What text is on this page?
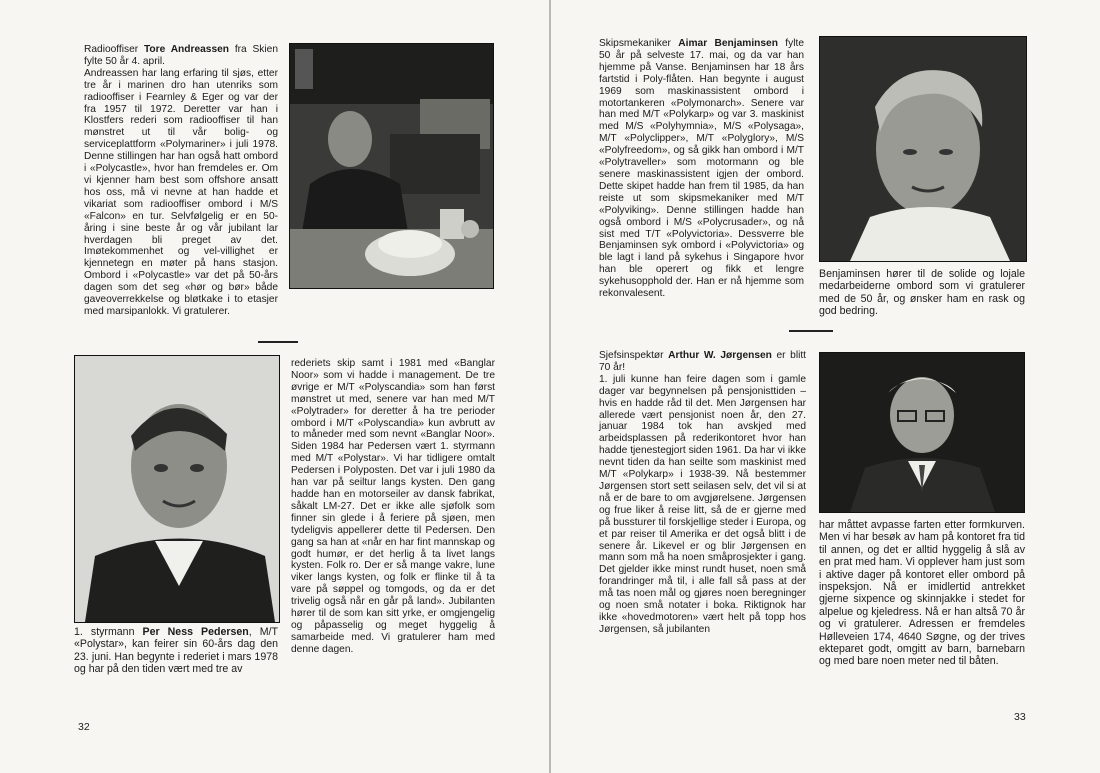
Radiooffiser Tore Andreassen fra Skien fylte 50 år 4. april.

Andreassen har lang erfaring til sjøs, etter tre år i marinen dro han utenriks som radiooffiser i Fearnley & Eger og var der fra 1957 til 1972. Deretter var han i Klostfers rederi som radiooffiser til han mønstret ut til vår bolig- og serviceplattform «Polymariner» i juli 1978. Denne stillingen har han også hatt ombord i «Polycastle», hvor han fremdeles er. Om vi kjenner ham best som offshore ansatt hos oss, må vi nevne at han hadde et vikariat som radiooffiser ombord i M/S «Falcon» en tur. Selvfølgelig er en 50-åring i sine beste år og vår jubilant lar hverdagen bli preget av det. Imøtekommenhet og vel-villighet er kjennetegn en møter på hans stasjon. Ombord i «Polycastle» var det på 50-års dagen som det seg «hør og bør» både gaveoverrekkelse og bløtkake i to etasjer med marsipanlokk. Vi gratulerer.

1. styrmann Per Ness Pedersen, M/T «Polystar», kan feirer sin 60-års dag den 23. juni. Han begynte i rederiet i mars 1978 og har på den tiden vært med tre av

rederiets skip samt i 1981 med «Banglar Noor» som vi hadde i management. De tre øvrige er M/T «Polyscandia» som han først mønstret ut med, senere var han med M/T «Polytrader» for deretter å ha tre perioder ombord i M/T «Polyscandia» kun avbrutt av to måneder med som nevnt «Banglar Noor». Siden 1984 har Pedersen vært 1. styrmann med M/T «Polystar». Vi har tidligere omtalt Pedersen i Polyposten. Det var i juli 1980 da han var på seiltur langs kysten. Den gang hadde han en motorseiler av dansk fabrikat, såkalt LM-27. Det er ikke alle sjøfolk som finner sin glede i å feriere på sjøen, men tydeligvis appellerer dette til Pedersen. Den gang sa han at «når en har fint mannskap og godt humør, er det herlig å ta livet langs kysten. Folk ro. Der er så mange vakre, lune viker langs kysten, og folk er flinke til å ta vare på søppel og tomgods, og da er det trivelig også når en går på land». Jubilanten hører til de som kan sitt yrke, er omgjengelig og påpasselig og meget hyggelig å samarbeide med. Vi gratulerer ham med denne dagen.

32

Skipsmekaniker Aimar Benjaminsen fylte 50 år på selveste 17. mai, og da var han hjemme på Vanse. Benjaminsen har 18 års fartstid i Poly-flåten. Han begynte i august 1969 som maskinassistent ombord i motortankeren «Polymonarch». Senere var han med M/T «Polykarp» og var 3. maskinist med M/S «Polyhymnia», M/S «Polysaga», M/T «Polyclipper», M/T «Polyglory», M/S «Polyfreedom», og så gikk han ombord i M/T «Polytraveller» som motormann og ble senere maskinassistent igjen der ombord. Dette skipet hadde han frem til 1985, da han reiste ut som skipsmekaniker med M/T «Polyviking». Denne stillingen hadde han også ombord i M/S «Polycrusader», og nå sist med T/T «Polyvictoria». Dessverre ble Benjaminsen syk ombord i «Polyvictoria» og ble lagt i land på sykehus i Singapore hvor han ble operert og fikk et lengre sykehusopphold der. Han er nå hjemme som rekonvalesent.

Benjaminsen hører til de solide og lojale medarbeiderne ombord som vi gratulerer med de 50 år, og ønsker ham en rask og god bedring.

Sjefsinspektør Arthur W. Jørgensen er blitt 70 år!

1. juli kunne han feire dagen som i gamle dager var begynnelsen på pensjonisttiden – hvis en hadde råd til det. Men Jørgensen har allerede vært pensjonist noen år, den 27. januar 1984 tok han avskjed med arbeidsplassen på rederikontoret hvor han hadde tjenestegjort siden 1961. Da har vi ikke nevnt tiden da han seilte som maskinist med M/T «Polykarp» i 1938-39. Nå bestemmer Jørgensen stort sett seilasen selv, det vil si at nå er de bare to om avgjørelsene. Jørgensen og frue liker å reise litt, så de er gjerne med på bussturer til forskjellige steder i Europa, og et par reiser til Amerika er det også blitt i de senere år. Likevel er og blir Jørgensen en mann som må ha noen småprosjekter i gang. Det gjelder ikke minst rundt huset, noen små forandringer må til, i alle fall så pass at der må tas noen mål og gjøres noen beregninger og noen små notater i boka. Riktignok har ikke «hovedmotoren» vært helt på topp hos Jørgensen, så jubilanten

har måttet avpasse farten etter formkurven. Men vi har besøk av ham på kontoret fra tid til annen, og det er alltid hyggelig å slå av en prat med ham. Vi opplever ham just som i aktive dager på kontoret eller ombord på inspeksjon. Nå er imidlertid antrekket gjerne sixpence og skinnjakke i stedet for alpelue og kjeledress. Nå er han altså 70 år og vi gratulerer. Adressen er fremdeles Hølleveien 174, 4640 Søgne, og der trives ekteparet godt, omgitt av barn, barnebarn og med bare noen meter ned til båten.

33
